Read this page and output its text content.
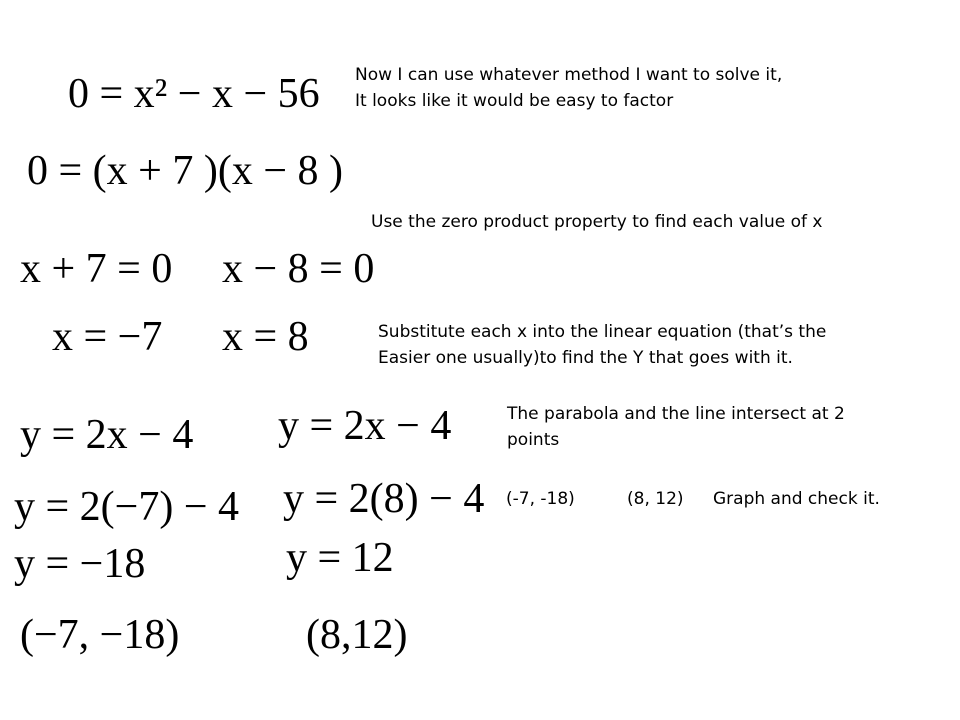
0 = x² − x − 56
0 = (x + 7 )(x − 8 )
x + 7 = 0 x − 8 = 0
x = −7 x = 8
y = 2x − 4 y = 2x − 4
y = 2(−7) − 4 y = 2(8) − 4
y = −18	y = 12
(−7, −18)	(8,12)
Now I can use whatever method I want to solve it,
It looks like it would be easy to factor
Use the zero product property to find each value of x
Substitute each x into the linear equation (that’s the
Easier one usually)to find the Y that goes with it.
The parabola and the line intersect at 2
points
(-7, -18)	(8, 12) Graph and check it.
